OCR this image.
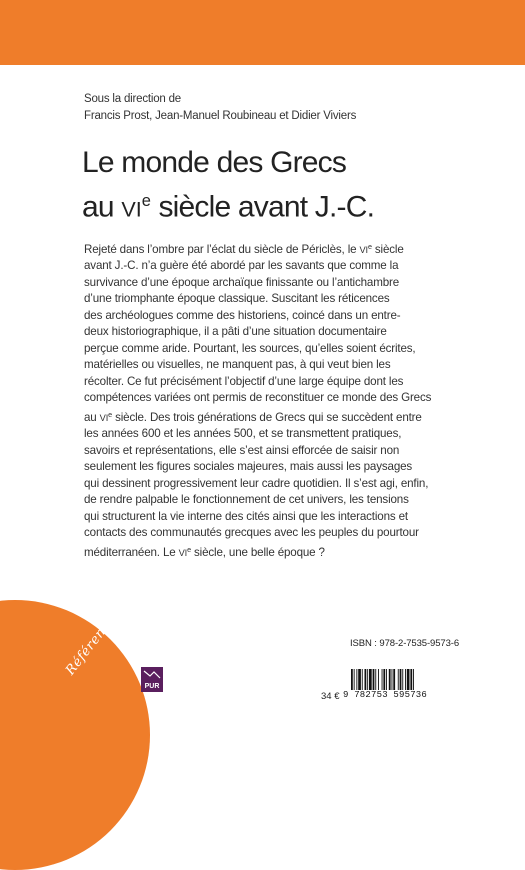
Sous la direction de
Francis Prost, Jean-Manuel Roubineau et Didier Viviers
Le monde des Grecs
au VIe siècle avant J.-C.
Rejeté dans l’ombre par l’éclat du siècle de Périclès, le VIe siècle
avant J.-C. n’a guère été abordé par les savants que comme la
survivance d’une époque archaïque finissante ou l’antichambre
d’une triomphante époque classique. Suscitant les réticences
des archéologues comme des historiens, coincé dans un entre-
deux historiographique, il a pâti d’une situation documentaire
perçue comme aride. Pourtant, les sources, qu’elles soient écrites,
matérielles ou visuelles, ne manquent pas, à qui veut bien les
récolter. Ce fut précisément l’objectif d’une large équipe dont les
compétences variées ont permis de reconstituer ce monde des Grecs
au VIe siècle. Des trois générations de Grecs qui se succèdent entre
les années 600 et les années 500, et se transmettent pratiques,
savoirs et représentations, elle s’est ainsi efforcée de saisir non
seulement les figures sociales majeures, mais aussi les paysages
qui dessinent progressivement leur cadre quotidien. Il s’est agi, enfin,
de rendre palpable le fonctionnement de cet univers, les tensions
qui structurent la vie interne des cités ainsi que les interactions et
contacts des communautés grecques avec les peuples du pourtour
méditerranéen. Le VIe siècle, une belle époque ?
Référence
PUR
34 €
ISBN : 978-2-7535-9573-6
9 782753 595736
